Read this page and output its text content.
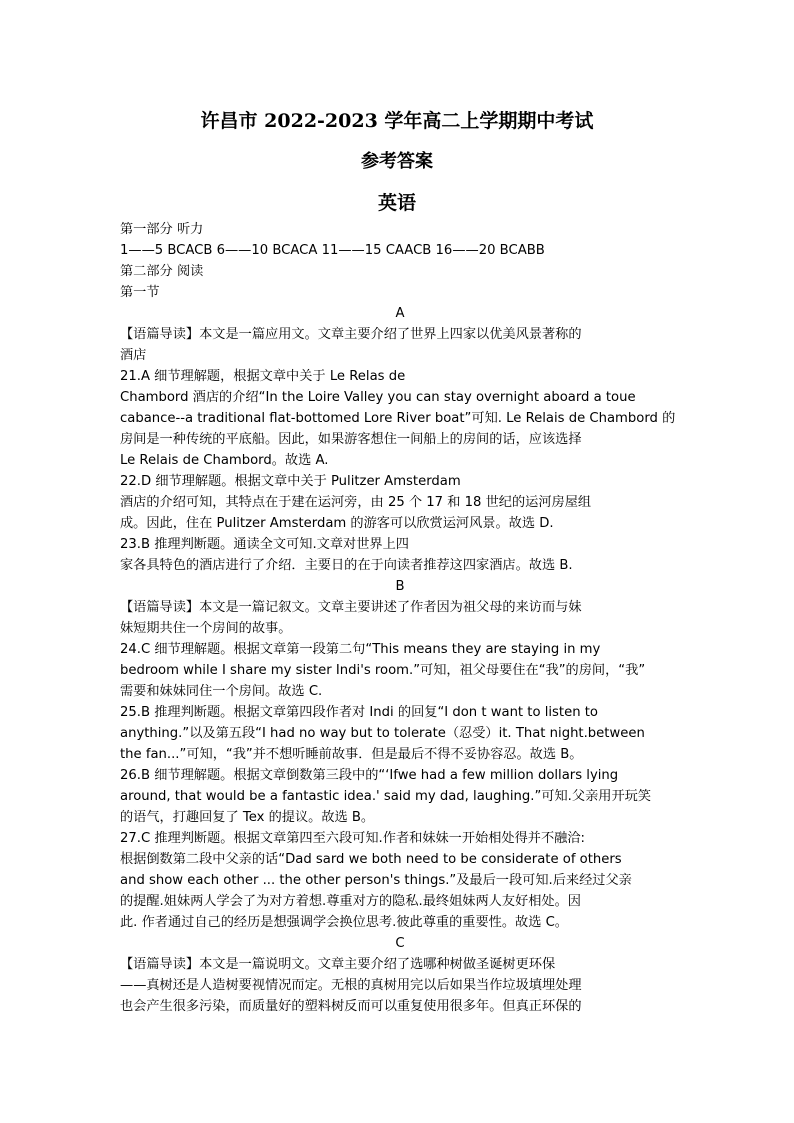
许昌市 2022-2023 学年高二上学期期中考试
参考答案
英语
第一部分 听力
1——5 BCACB 6——10 BCACA 11——15 CAACB 16——20 BCABB
第二部分 阅读
第一节
A
【语篇导读】本文是一篇应用文。文章主要介绍了世界上四家以优美风景著称的
酒店
21.A 细节理解题，根据文章中关于 Le Relas de
Chambord 酒店的介绍“In the Loire Valley you can stay overnight aboard a toue
cabance--a traditional flat-bottomed Lore River boat”可知. Le Relais de Chambord 的
房间是一种传统的平底船。因此，如果游客想住一间船上的房间的话，应该选择
Le Relais de Chambord。故选 A.
22.D 细节理解题。根据文章中关于 Pulitzer Amsterdam
酒店的介绍可知，其特点在于建在运河旁，由 25 个 17 和 18 世纪的运河房屋组
成。因此，住在 Pulitzer Amsterdam 的游客可以欣赏运河风景。故选 D.
23.B 推理判断题。通读全文可知.文章对世界上四
家各具特色的酒店进行了介绍．主要日的在于向读者推荐这四家酒店。故选 B.
B
【语篇导读】本文是一篇记叙文。文章主要讲述了作者因为祖父母的来访而与妹
妹短期共住一个房间的故事。
24.C 细节理解题。根据文章第一段第二句“This means they are staying in my
bedroom while I share my sister Indi's room.”可知，祖父母要住在“我”的房间，“我”
需要和妹妹同住一个房间。故选 C.
25.B 推理判断题。根据文章第四段作者对 Indi 的回复“I don t want to listen to
anything.”以及第五段“I had no way but to tolerate（忍受）it. That night.between
the fan...”可知，“我”并不想听睡前故事．但是最后不得不妥协容忍。故选 B。
26.B 细节理解题。根据文章倒数第三段中的“‘Ifwe had a few million dollars lying
around, that would be a fantastic idea.' said my dad, laughing.”可知.父亲用开玩笑
的语气，打趣回复了 Tex 的提议。故选 B。
27.C 推理判断题。根据文章第四至六段可知.作者和妹妹一开始相处得并不融洽:
根据倒数第二段中父亲的话“Dad sard we both need to be considerate of others
and show each other ... the other person's things.”及最后一段可知.后来经过父亲
的提醒.姐妹两人学会了为对方着想.尊重对方的隐私.最终姐妹两人友好相处。因
此. 作者通过自己的经历是想强调学会换位思考.彼此尊重的重要性。故选 C。
C
【语篇导读】本文是一篇说明文。文章主要介绍了选哪种树做圣诞树更环保
——真树还是人造树要视情况而定。无根的真树用完以后如果当作垃圾填埋处理
也会产生很多污染，而质量好的塑料树反而可以重复使用很多年。但真正环保的
